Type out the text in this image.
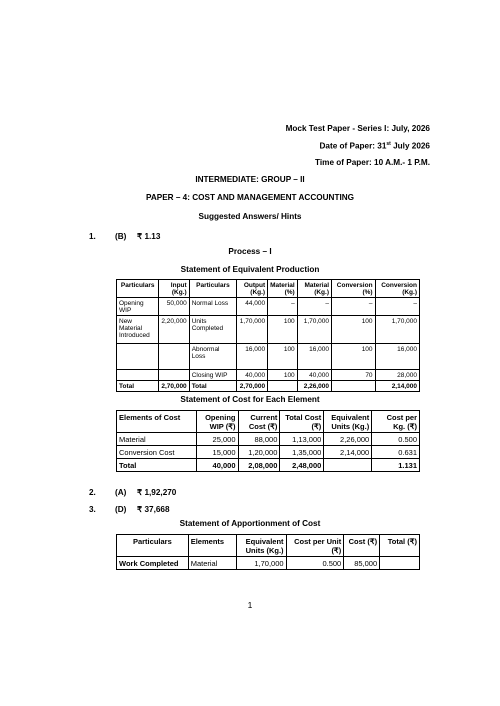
Mock Test Paper - Series I: July, 2026
Date of Paper: 31st July 2026
Time of Paper: 10 A.M.- 1 P.M.
INTERMEDIATE: GROUP – II
PAPER – 4: COST AND MANAGEMENT ACCOUNTING
Suggested Answers/ Hints
1. (B) ₹ 1.13
Process – I
Statement of Equivalent Production
Particulars	Input (Kg.)	Particulars	Output (Kg.)	Material (%)	Material (Kg.)	Conversion (%)	Conversion (Kg.)
Opening WIP	50,000	Normal Loss	44,000	–	–	–	–
New Material Introduced	2,20,000	Units Completed	1,70,000	100	1,70,000	100	1,70,000
		Abnormal Loss	16,000	100	16,000	100	16,000
		Closing WIP	40,000	100	40,000	70	28,000
Total	2,70,000	Total	2,70,000		2,26,000		2,14,000
Statement of Cost for Each Element
Elements of Cost	Opening WIP (₹)	Current Cost (₹)	Total Cost (₹)	Equivalent Units (Kg.)	Cost per Kg. (₹)
Material	25,000	88,000	1,13,000	2,26,000	0.500
Conversion Cost	15,000	1,20,000	1,35,000	2,14,000	0.631
Total	40,000	2,08,000	2,48,000		1.131
2. (A) ₹ 1,92,270
3. (D) ₹ 37,668
Statement of Apportionment of Cost
Particulars	Elements	Equivalent Units (Kg.)	Cost per Unit (₹)	Cost (₹)	Total (₹)
Work Completed	Material	1,70,000	0.500	85,000	
1
